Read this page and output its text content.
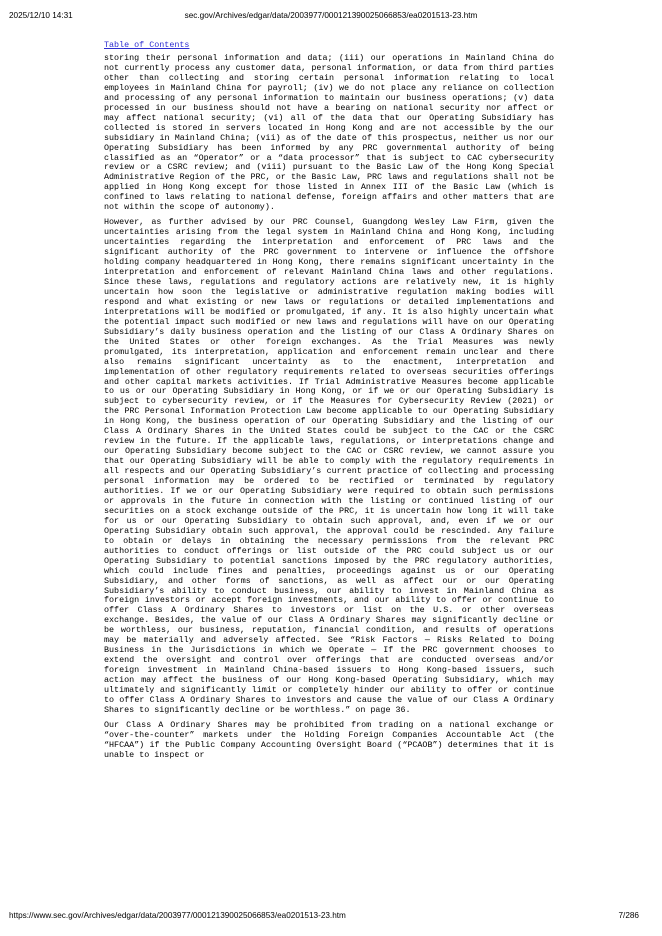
2025/12/10 14:31	sec.gov/Archives/edgar/data/2003977/000121390025066853/ea0201513-23.htm
Table of Contents

storing their personal information and data; (iii) our operations in Mainland China do not currently process any customer data, personal information, or data from third parties other than collecting and storing certain personal information relating to local employees in Mainland China for payroll; (iv) we do not place any reliance on collection and processing of any personal information to maintain our business operations; (v) data processed in our business should not have a bearing on national security nor affect or may affect national security; (vi) all of the data that our Operating Subsidiary has collected is stored in servers located in Hong Kong and are not accessible by the our subsidiary in Mainland China; (vii) as of the date of this prospectus, neither us nor our Operating Subsidiary has been informed by any PRC governmental authority of being classified as an “Operator” or a “data processor” that is subject to CAC cybersecurity review or a CSRC review; and (viii) pursuant to the Basic Law of the Hong Kong Special Administrative Region of the PRC, or the Basic Law, PRC laws and regulations shall not be applied in Hong Kong except for those listed in Annex III of the Basic Law (which is confined to laws relating to national defense, foreign affairs and other matters that are not within the scope of autonomy).

However, as further advised by our PRC Counsel, Guangdong Wesley Law Firm, given the uncertainties arising from the legal system in Mainland China and Hong Kong, including uncertainties regarding the interpretation and enforcement of PRC laws and the significant authority of the PRC government to intervene or influence the offshore holding company headquartered in Hong Kong, there remains significant uncertainty in the interpretation and enforcement of relevant Mainland China laws and other regulations. Since these laws, regulations and regulatory actions are relatively new, it is highly uncertain how soon the legislative or administrative regulation making bodies will respond and what existing or new laws or regulations or detailed implementations and interpretations will be modified or promulgated, if any. It is also highly uncertain what the potential impact such modified or new laws and regulations will have on our Operating Subsidiary’s daily business operation and the listing of our Class A Ordinary Shares on the United States or other foreign exchanges. As the Trial Measures was newly promulgated, its interpretation, application and enforcement remain unclear and there also remains significant uncertainty as to the enactment, interpretation and implementation of other regulatory requirements related to overseas securities offerings and other capital markets activities. If Trial Administrative Measures become applicable to us or our Operating Subsidiary in Hong Kong, or if we or our Operating Subsidiary is subject to cybersecurity review, or if the Measures for Cybersecurity Review (2021) or the PRC Personal Information Protection Law become applicable to our Operating Subsidiary in Hong Kong, the business operation of our Operating Subsidiary and the listing of our Class A Ordinary Shares in the United States could be subject to the CAC or the CSRC review in the future. If the applicable laws, regulations, or interpretations change and our Operating Subsidiary become subject to the CAC or CSRC review, we cannot assure you that our Operating Subsidiary will be able to comply with the regulatory requirements in all respects and our Operating Subsidiary’s current practice of collecting and processing personal information may be ordered to be rectified or terminated by regulatory authorities. If we or our Operating Subsidiary were required to obtain such permissions or approvals in the future in connection with the listing or continued listing of our securities on a stock exchange outside of the PRC, it is uncertain how long it will take for us or our Operating Subsidiary to obtain such approval, and, even if we or our Operating Subsidiary obtain such approval, the approval could be rescinded. Any failure to obtain or delays in obtaining the necessary permissions from the relevant PRC authorities to conduct offerings or list outside of the PRC could subject us or our Operating Subsidiary to potential sanctions imposed by the PRC regulatory authorities, which could include fines and penalties, proceedings against us or our Operating Subsidiary, and other forms of sanctions, as well as affect our or our Operating Subsidiary’s ability to conduct business, our ability to invest in Mainland China as foreign investors or accept foreign investments, and our ability to offer or continue to offer Class A Ordinary Shares to investors or list on the U.S. or other overseas exchange. Besides, the value of our Class A Ordinary Shares may significantly decline or be worthless, our business, reputation, financial condition, and results of operations may be materially and adversely affected. See “Risk Factors — Risks Related to Doing Business in the Jurisdictions in which we Operate — If the PRC government chooses to extend the oversight and control over offerings that are conducted overseas and/or foreign investment in Mainland China-based issuers to Hong Kong-based issuers, such action may affect the business of our Hong Kong-based Operating Subsidiary, which may ultimately and significantly limit or completely hinder our ability to offer or continue to offer Class A Ordinary Shares to investors and cause the value of our Class A Ordinary Shares to significantly decline or be worthless.” on page 36.

Our Class A Ordinary Shares may be prohibited from trading on a national exchange or “over-the-counter” markets under the Holding Foreign Companies Accountable Act (the “HFCAA”) if the Public Company Accounting Oversight Board (“PCAOB”) determines that it is unable to inspect or

https://www.sec.gov/Archives/edgar/data/2003977/000121390025066853/ea0201513-23.htm	7/286
